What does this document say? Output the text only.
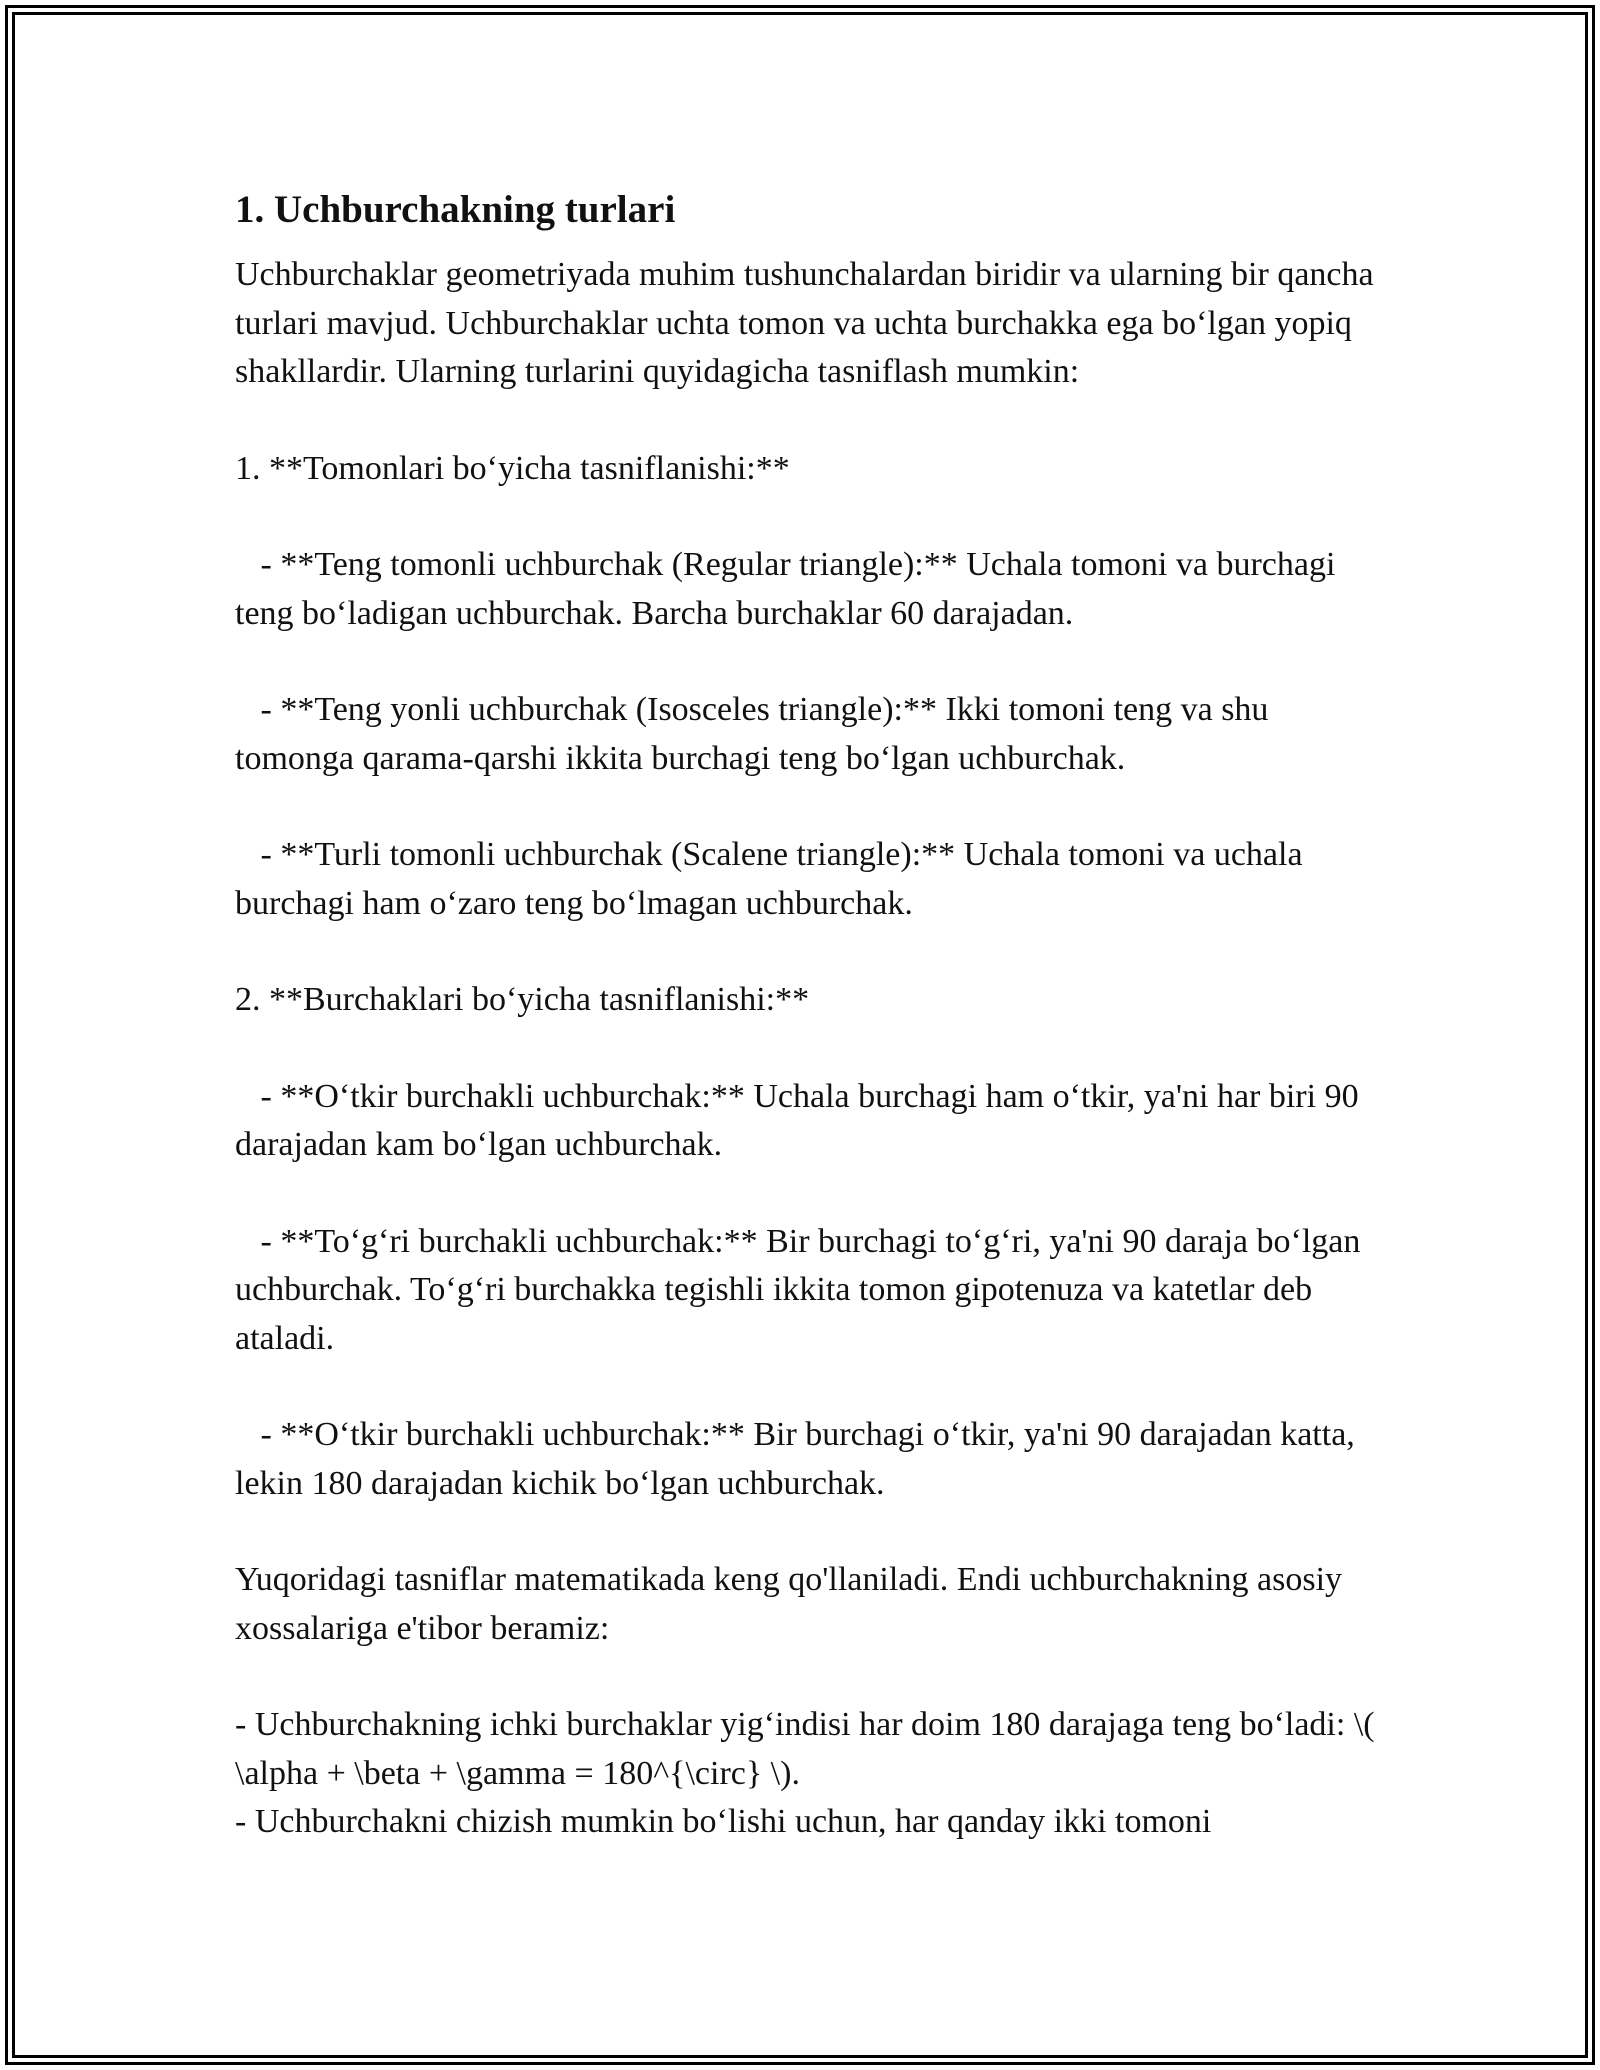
1. Uchburchakning turlari

Uchburchaklar geometriyada muhim tushunchalardan biridir va ularning bir qancha turlari mavjud. Uchburchaklar uchta tomon va uchta burchakka ega boʻlgan yopiq shakllardir. Ularning turlarini quyidagicha tasniflash mumkin:

1. **Tomonlari boʻyicha tasniflanishi:**

- **Teng tomonli uchburchak (Regular triangle):** Uchala tomoni va burchagi teng boʻladigan uchburchak. Barcha burchaklar 60 darajadan.

- **Teng yonli uchburchak (Isosceles triangle):** Ikki tomoni teng va shu tomonga qarama-qarshi ikkita burchagi teng boʻlgan uchburchak.

- **Turli tomonli uchburchak (Scalene triangle):** Uchala tomoni va uchala burchagi ham oʻzaro teng boʻlmagan uchburchak.

2. **Burchaklari boʻyicha tasniflanishi:**

- **Oʻtkir burchakli uchburchak:** Uchala burchagi ham oʻtkir, ya'ni har biri 90 darajadan kam boʻlgan uchburchak.

- **Toʻgʻri burchakli uchburchak:** Bir burchagi toʻgʻri, ya'ni 90 daraja boʻlgan uchburchak. Toʻgʻri burchakka tegishli ikkita tomon gipotenuza va katetlar deb ataladi.

- **Oʻtkir burchakli uchburchak:** Bir burchagi oʻtkir, ya'ni 90 darajadan katta, lekin 180 darajadan kichik boʻlgan uchburchak.

Yuqoridagi tasniflar matematikada keng qo'llaniladi. Endi uchburchakning asosiy xossalariga e'tibor beramiz:

- Uchburchakning ichki burchaklar yigʻindisi har doim 180 darajaga teng boʻladi: \( \alpha + \beta + \gamma = 180^{\circ} \).

- Uchburchakni chizish mumkin boʻlishi uchun, har qanday ikki tomoni
